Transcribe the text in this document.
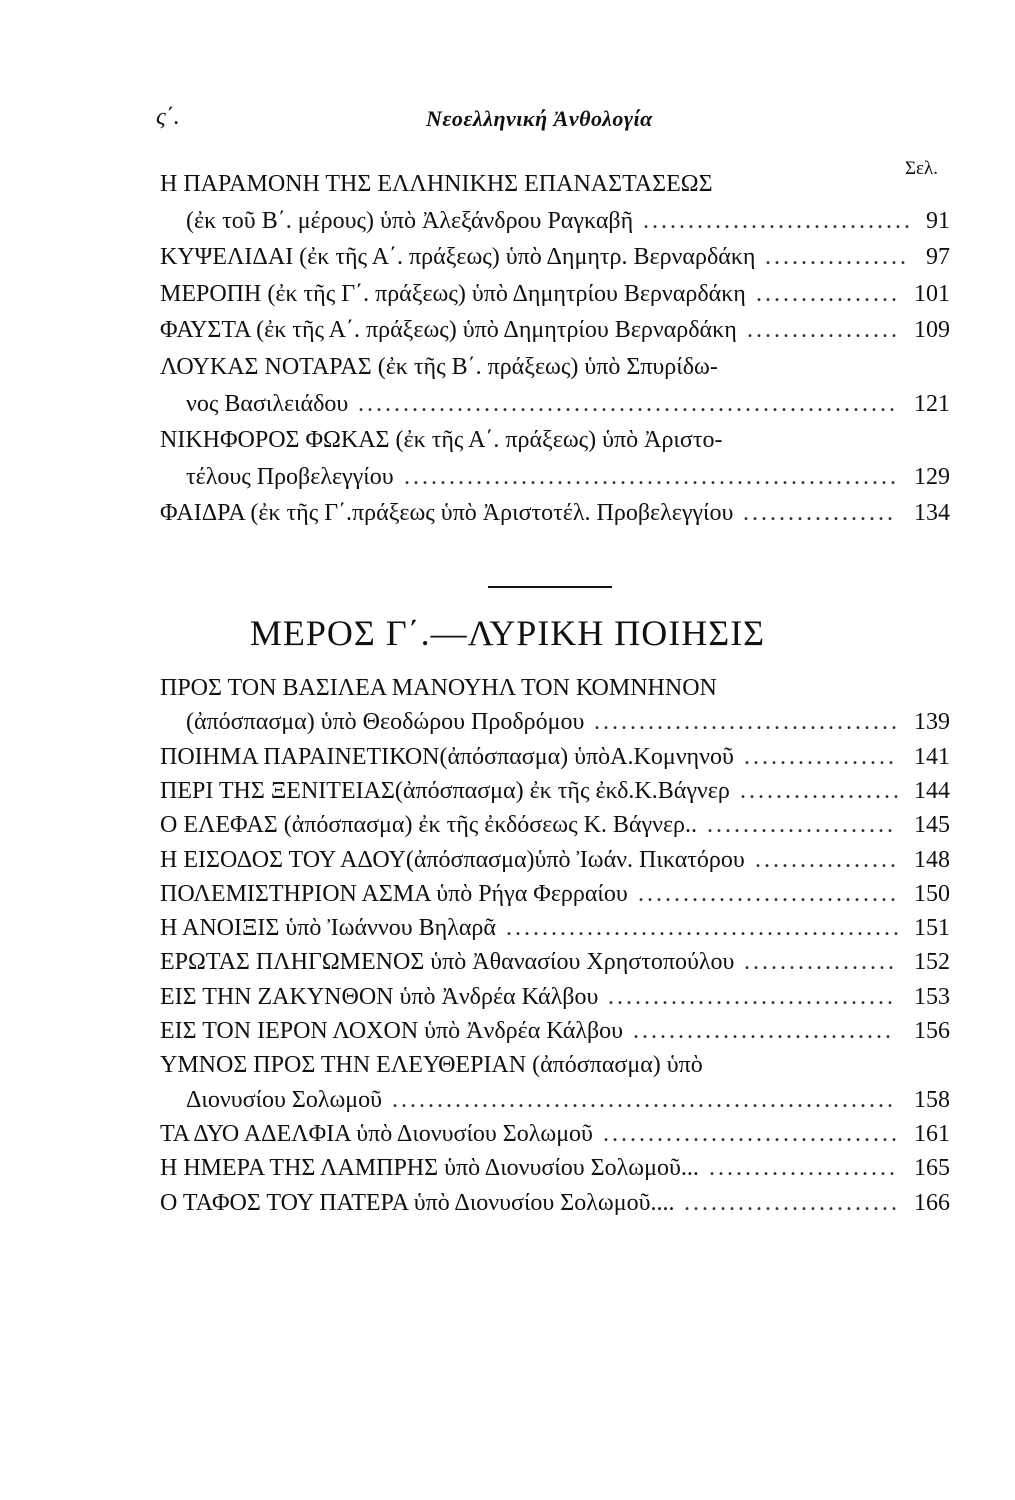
ς΄.	Νεοελληνική Ἀνθολογία
Σελ.
Η ΠΑΡΑΜΟΝΗ ΤΗΣ ΕΛΛΗΝΙΚΗΣ ΕΠΑΝΑΣΤΑΣΕΩΣ
(ἐκ τοῦ Β΄. μέρους) ὑπὸ Ἀλεξάνδρου Ραγκαβῆ .............................. 91
ΚΥΨΕΛΙΔΑΙ (ἐκ τῆς Α΄. πράξεως) ὑπὸ Δημητρ. Βερναρδάκη ................ 97
ΜΕΡΟΠΗ (ἐκ τῆς Γ΄. πράξεως) ὑπὸ Δημητρίου Βερναρδάκη ................ 101
ΦΑΥΣΤΑ (ἐκ τῆς Α΄. πράξεως) ὑπὸ Δημητρίου Βερναρδάκη ................. 109
ΛΟΥΚΑΣ ΝΟΤΑΡΑΣ (ἐκ τῆς Β΄. πράξεως) ὑπὸ Σπυρίδω-
νος Βασιλειάδου ............................................................ 121
ΝΙΚΗΦΟΡΟΣ ΦΩΚΑΣ (ἐκ τῆς Α΄. πράξεως) ὑπὸ Ἀριστο-
τέλους Προβελεγγίου ....................................................... 129
ΦΑΙΔΡΑ (ἐκ τῆς Γ΄.πράξεως ὑπὸ Ἀριστοτέλ. Προβελεγγίου ................. 134
ΜΕΡΟΣ Γ΄.—ΛΥΡΙΚΗ ΠΟΙΗΣΙΣ
ΠΡΟΣ ΤΟΝ ΒΑΣΙΛΕΑ ΜΑΝΟΥΗΛ ΤΟΝ ΚΟΜΝΗΝΟΝ
(ἀπόσπασμα) ὑπὸ Θεοδώρου Προδρόμου .................................. 139
ΠΟΙΗΜΑ ΠΑΡΑΙΝΕΤΙΚΟΝ(ἀπόσπασμα) ὑπὸΑ.Κομνηνοῦ ................. 141
ΠΕΡΙ ΤΗΣ ΞΕΝΙΤΕΙΑΣ(ἀπόσπασμα) ἐκ τῆς ἐκδ.Κ.Βάγνερ .................. 144
Ο ΕΛΕΦΑΣ (ἀπόσπασμα) ἐκ τῆς ἐκδόσεως Κ. Βάγνερ.. ..................... 145
Η ΕΙΣΟΔΟΣ ΤΟΥ ΑΔΟΥ(ἀπόσπασμα)ὑπὸ Ἰωάν. Πικατόρου ................ 148
ΠΟΛΕΜΙΣΤΗΡΙΟΝ ΑΣΜΑ ὑπὸ Ρήγα Φερραίου ............................. 150
Η ΑΝΟΙΞΙΣ ὑπὸ Ἰωάννου Βηλαρᾶ ............................................ 151
ΕΡΩΤΑΣ ΠΛΗΓΩΜΕΝΟΣ ὑπὸ Ἀθανασίου Χρηστοπούλου ................. 152
ΕΙΣ ΤΗΝ ΖΑΚΥΝΘΟΝ ὑπὸ Ἀνδρέα Κάλβου ................................ 153
ΕΙΣ ΤΟΝ ΙΕΡΟΝ ΛΟΧΟΝ ὑπὸ Ἀνδρέα Κάλβου ............................. 156
ΥΜΝΟΣ ΠΡΟΣ ΤΗΝ ΕΛΕΥΘΕΡΙΑΝ (ἀπόσπασμα) ὑπὸ
Διονυσίου Σολωμοῦ ........................................................ 158
ΤΑ ΔΥΟ ΑΔΕΛΦΙΑ ὑπὸ Διονυσίου Σολωμοῦ ................................. 161
Η ΗΜΕΡΑ ΤΗΣ ΛΑΜΠΡΗΣ ὑπὸ Διονυσίου Σολωμοῦ... ..................... 165
Ο ΤΑΦΟΣ ΤΟΥ ΠΑΤΕΡΑ ὑπὸ Διονυσίου Σολωμοῦ.... ........................ 166
